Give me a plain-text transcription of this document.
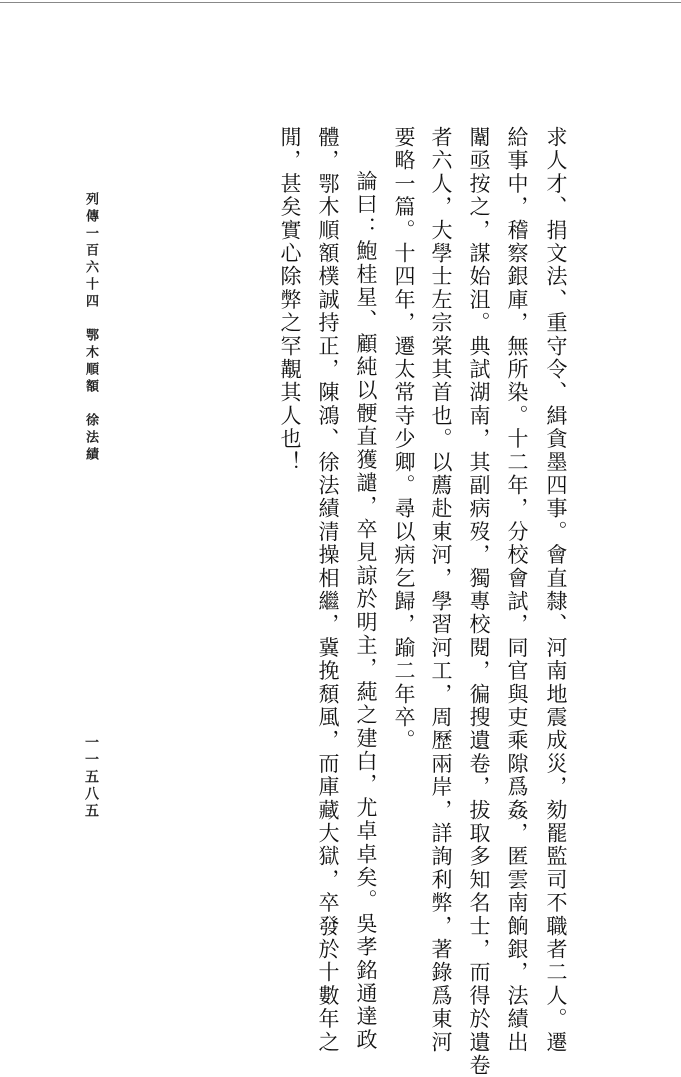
求人才、捐文法、重守令、緝貪墨四事。會直隸、河南地震成災，劾罷監司不職者二人。遷
給事中，稽察銀庫，無所染。十二年，分校會試，同官與吏乘隙爲姦，匿雲南餉銀，法績出
闈亟按之，謀始沮。典試湖南，其副病歿，獨專校閱，徧搜遺卷，拔取多知名士，而得於遺卷
者六人，大學士左宗棠其首也。以薦赴東河，學習河工，周歷兩岸，詳詢利弊，著錄爲東河
要略一篇。十四年，遷太常寺少卿。尋以病乞歸，踰二年卒。
論曰：鮑桂星、顧純以骾直獲譴，卒見諒於明主，蒓之建白，尤卓卓矣。吳孝銘通達政
體，鄂木順額樸誠持正，陳鴻、徐法績清操相繼，冀挽頹風，而庫藏大獄，卒發於十數年之
閒，甚矣實心除弊之罕覯其人也！
列傳一百六十四　鄂木順額　徐法績
一一五八五
